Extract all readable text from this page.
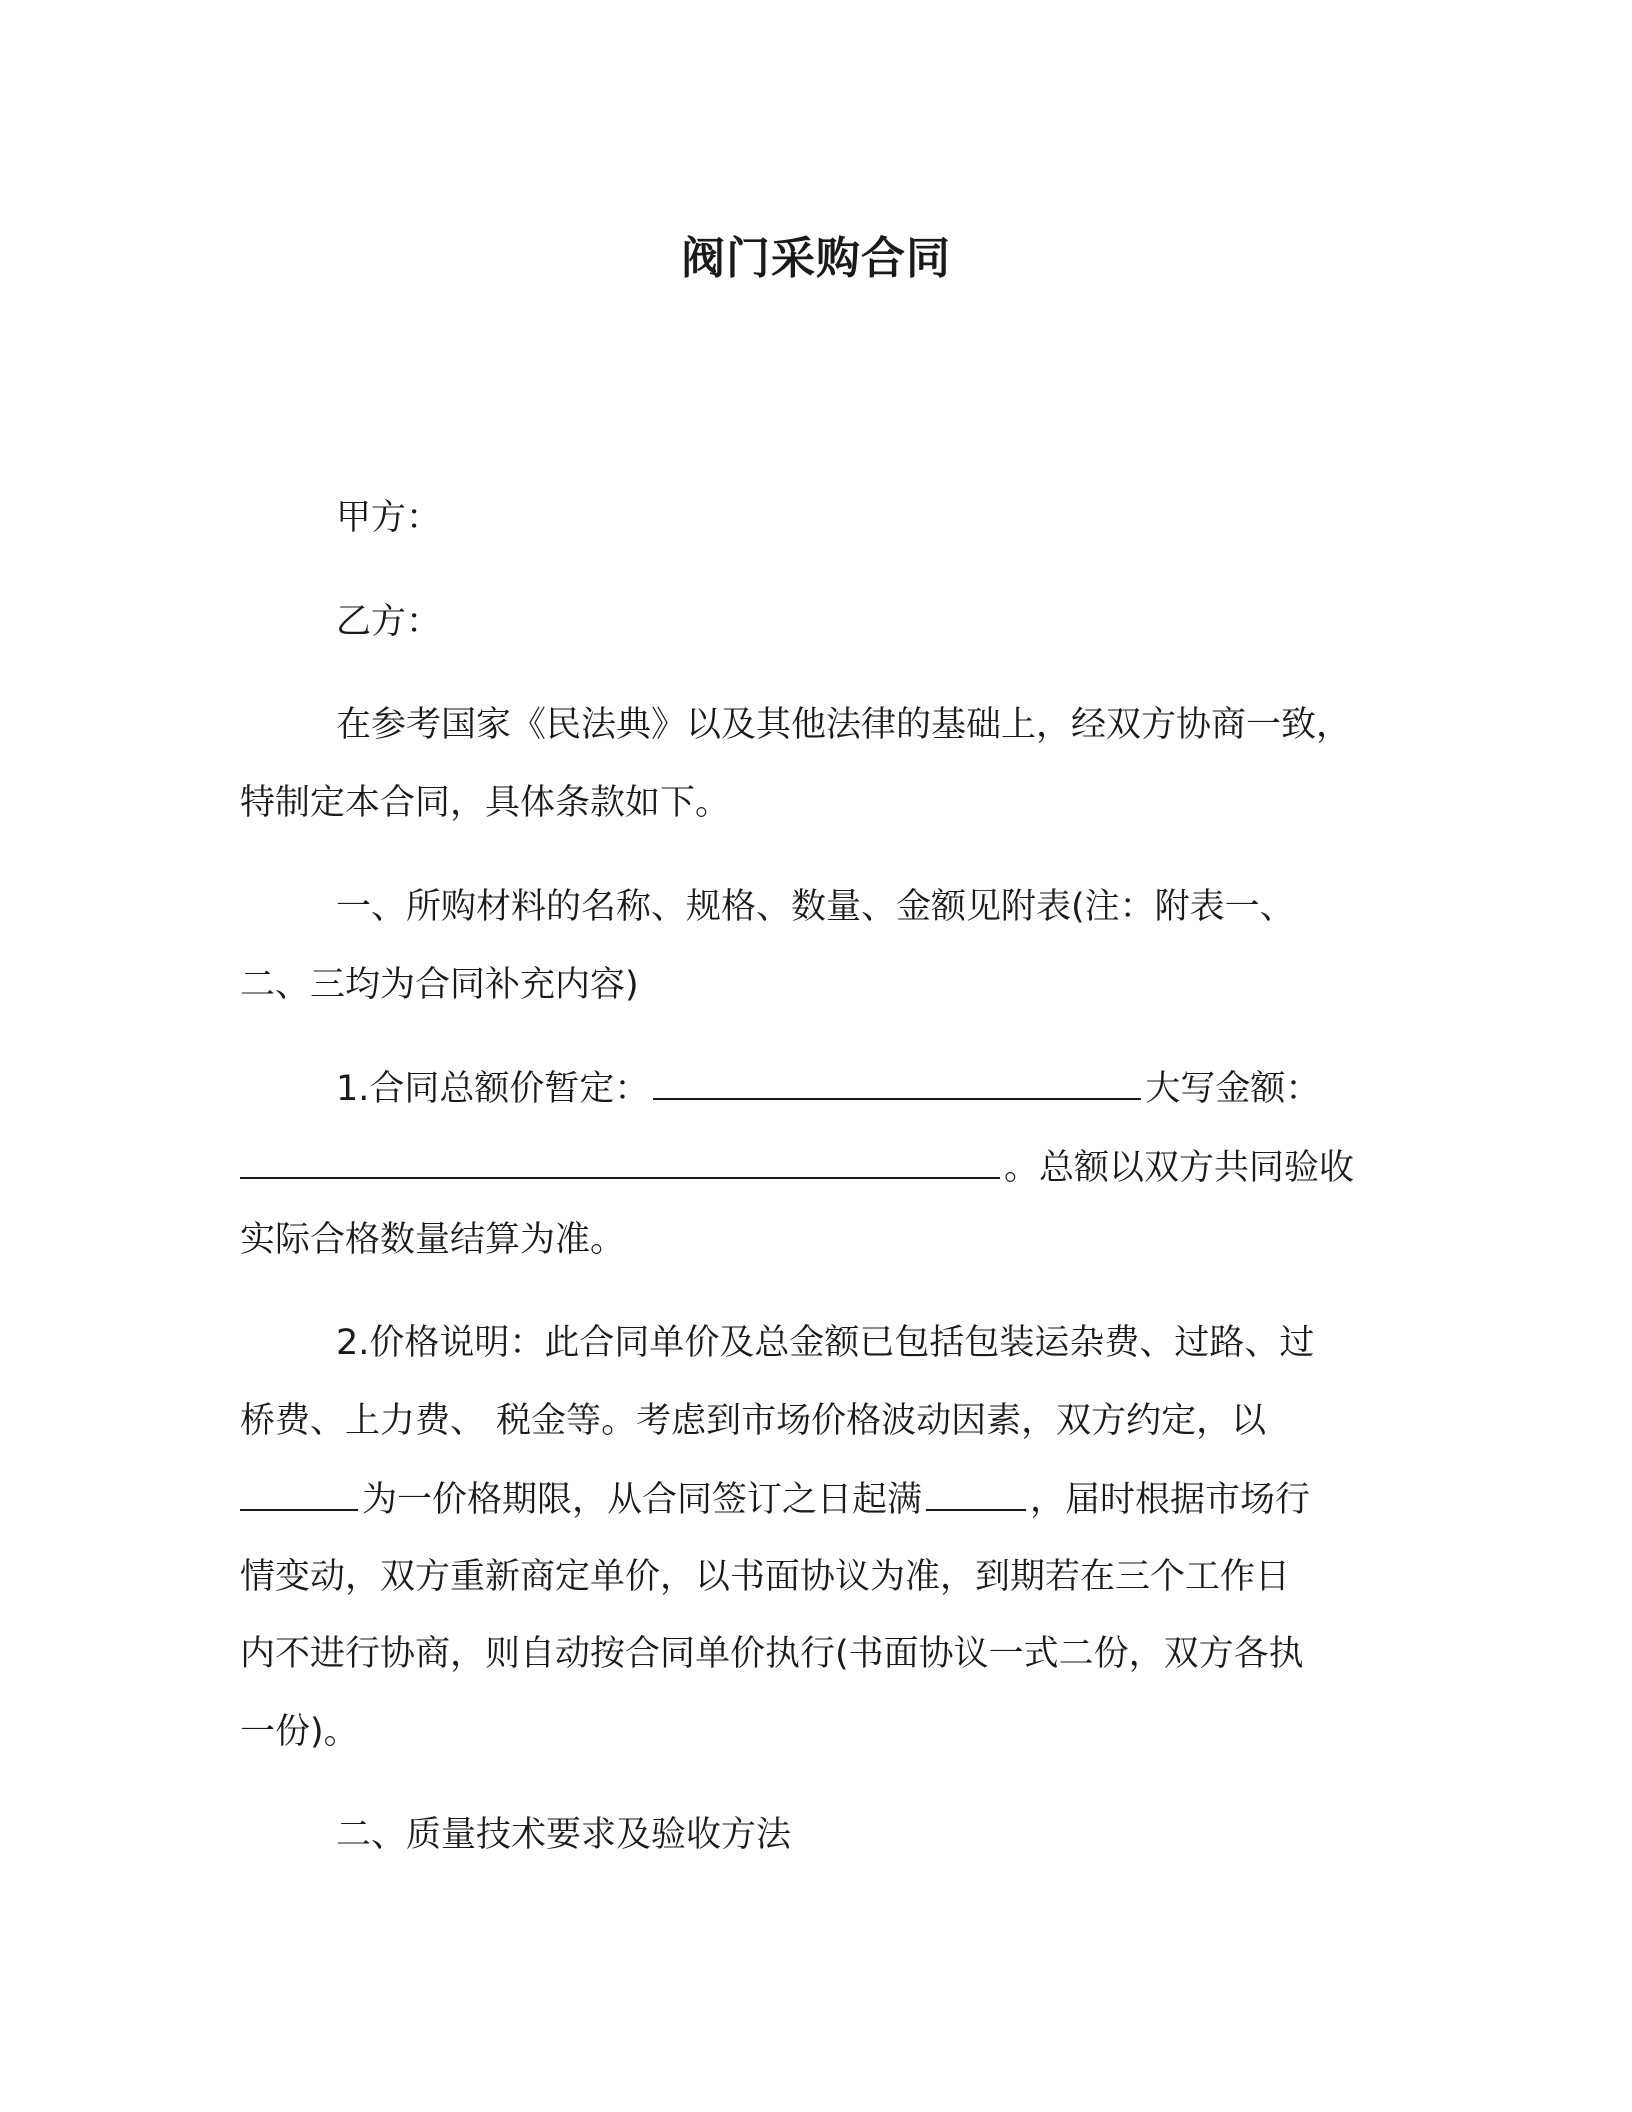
阀门采购合同
甲方：
乙方：
在参考国家《民法典》以及其他法律的基础上，经双方协商一致，
特制定本合同，具体条款如下。
一、所购材料的名称、规格、数量、金额见附表(注：附表一、
二、三均为合同补充内容)
1.合同总额价暂定：	大写金额：
。总额以双方共同验收
实际合格数量结算为准。
2.价格说明：此合同单价及总金额已包括包装运杂费、过路、过
桥费、上力费、 税金等。考虑到市场价格波动因素，双方约定，以
为一价格期限，从合同签订之日起满	，届时根据市场行
情变动，双方重新商定单价，以书面协议为准，到期若在三个工作日
内不进行协商，则自动按合同单价执行(书面协议一式二份，双方各执
一份)。
二、质量技术要求及验收方法
